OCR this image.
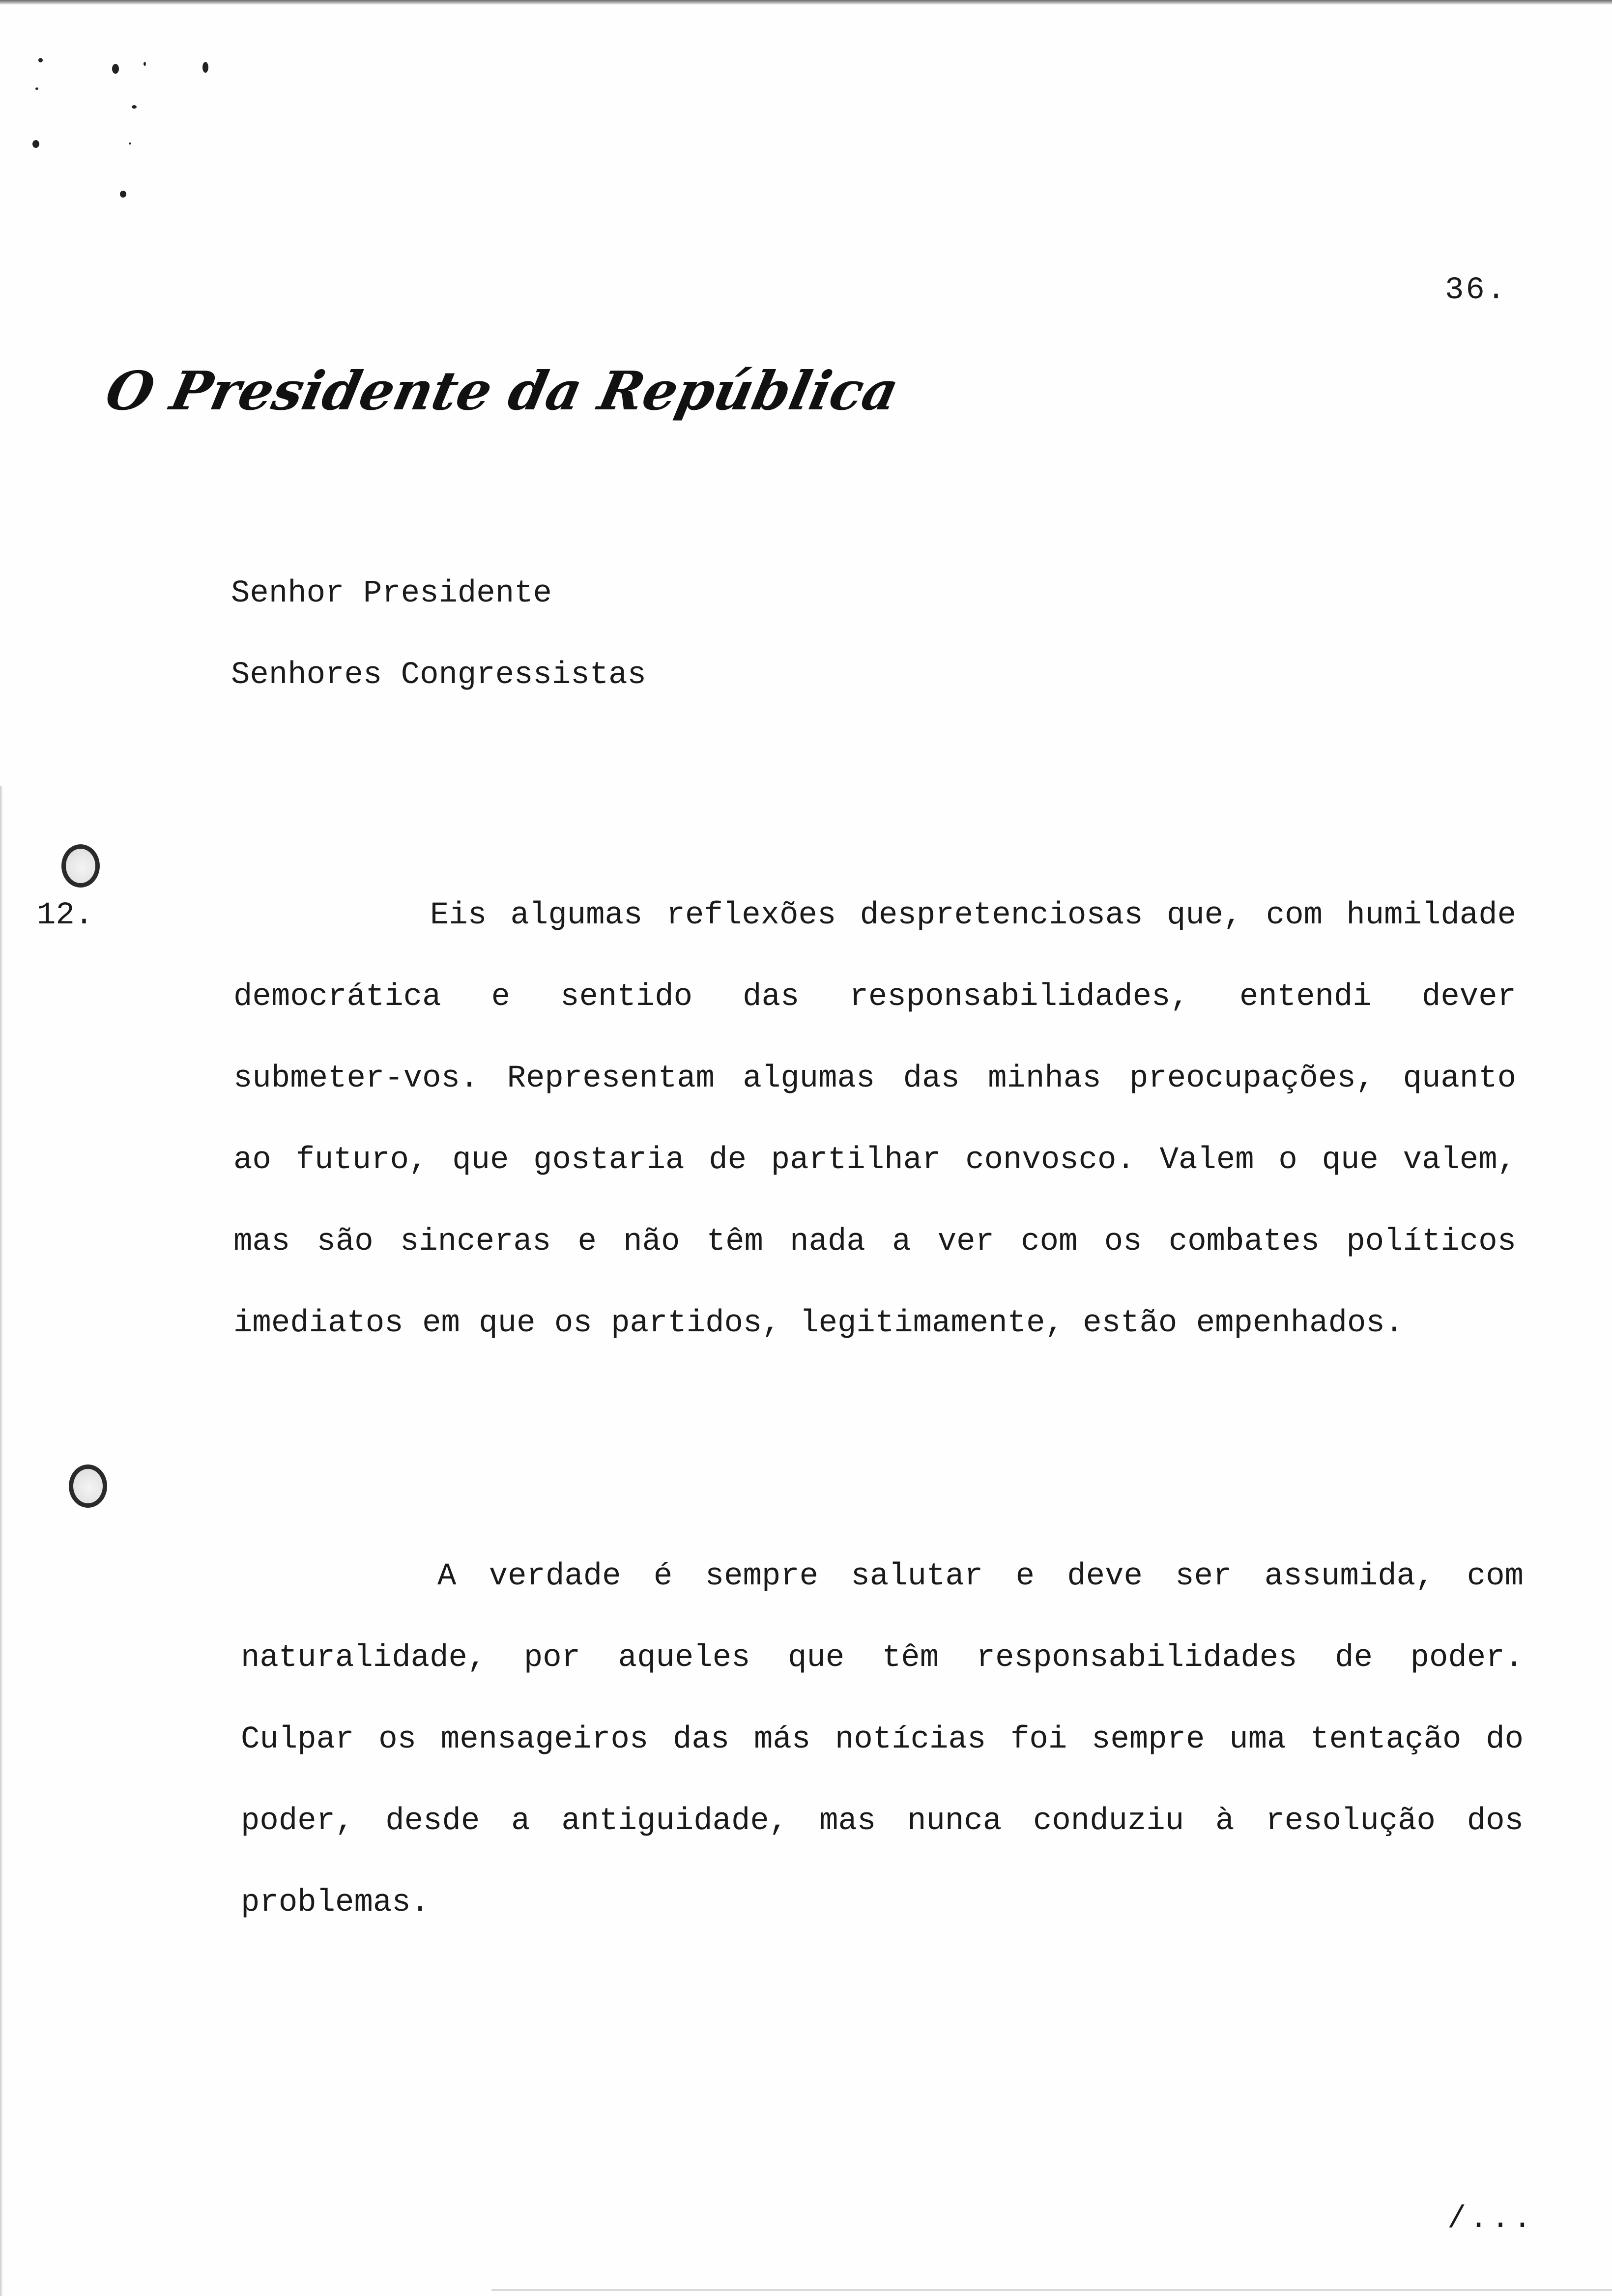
36.
O Presidente da República
Senhor Presidente
Senhores Congressistas
12.	Eis algumas reflexões despretenciosas que, com humildade democrática e sentido das responsabilidades, entendi dever submeter-vos. Representam algumas das minhas preocupações, quanto ao futuro, que gostaria de partilhar convosco. Valem o que valem, mas são sinceras e não têm nada a ver com os combates políticos imediatos em que os partidos, legitimamente, estão empenhados.
A verdade é sempre salutar e deve ser assumida, com naturalidade, por aqueles que têm responsabilidades de poder. Culpar os mensageiros das más notícias foi sempre uma tentação do poder, desde a antiguidade, mas nunca conduziu à resolução dos problemas.
/...
